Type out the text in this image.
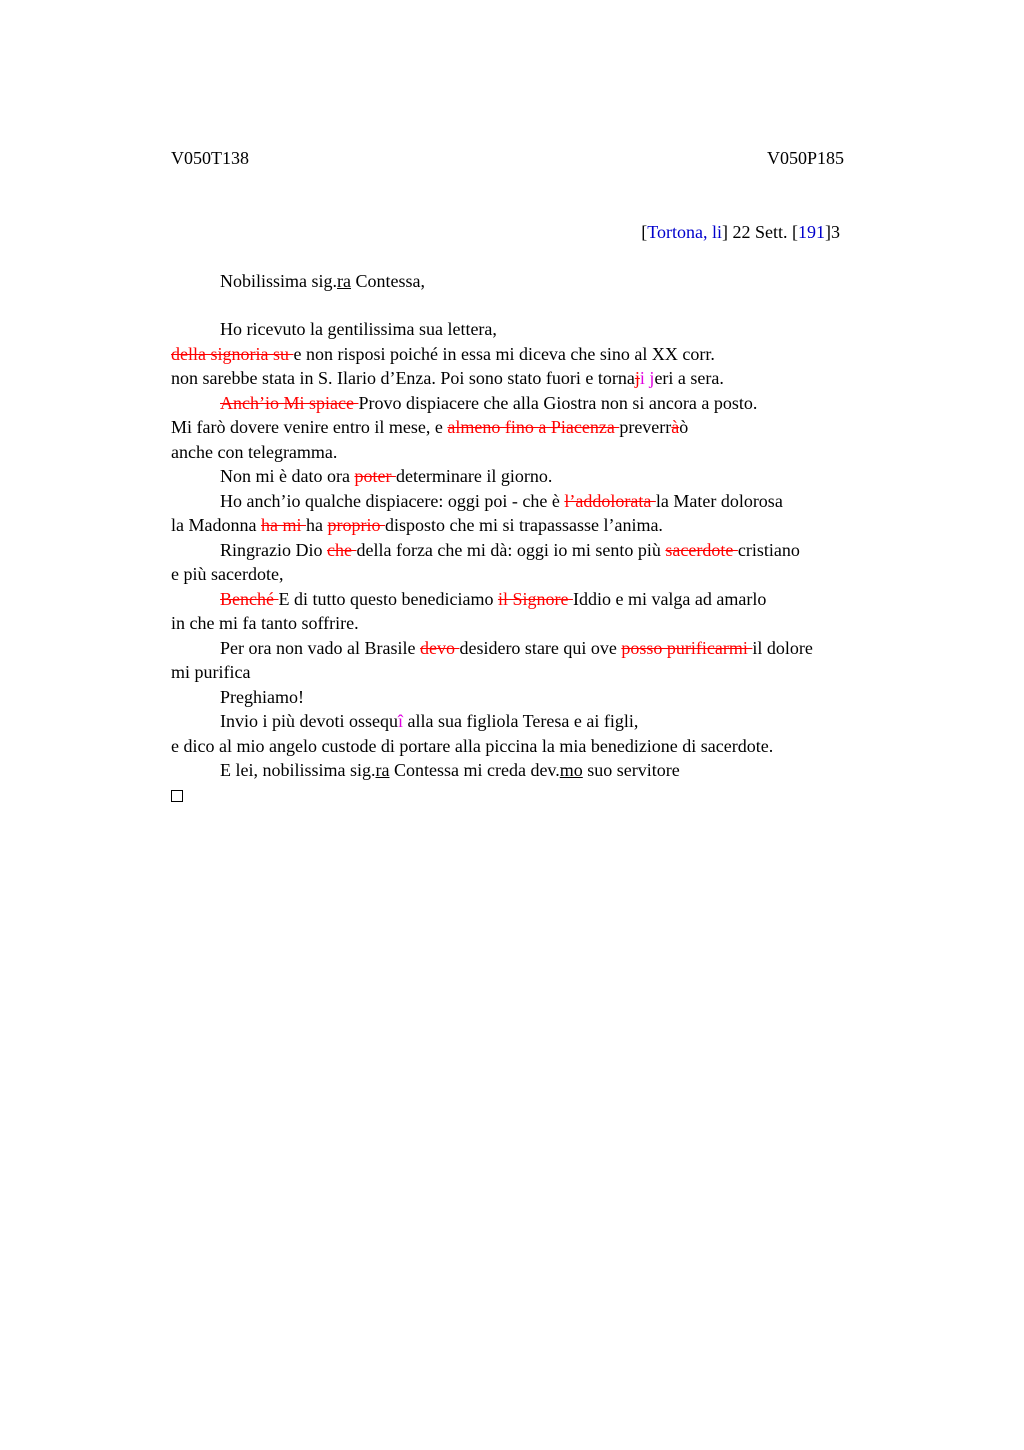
V050T138	V050P185
[Tortona, li] 22 Sett. [191]3
Nobilissima sig.ra Contessa,
Ho ricevuto la gentilissima sua lettera,
della signoria su e non risposi poiché in essa mi diceva che sino al XX corr.
non sarebbe stata in S. Ilario d’Enza. Poi sono stato fuori e tornaji jeri a sera.
Anch’io Mi spiace Provo dispiacere che alla Giostra non si ancora a posto.
Mi farò dovere venire entro il mese, e almeno fino a Piacenza preverràò
anche con telegramma.
Non mi è dato ora poter determinare il giorno.
Ho anch’io qualche dispiacere: oggi poi - che è l’addolorata la Mater dolorosa
la Madonna ha mi ha proprio disposto che mi si trapassasse l’anima.
Ringrazio Dio che della forza che mi dà: oggi io mi sento più sacerdote cristiano
e più sacerdote,
Benché E di tutto questo benediciamo il Signore Iddio e mi valga ad amarlo
in che mi fa tanto soffrire.
Per ora non vado al Brasile devo desidero stare qui ove posso purificarmi il dolore
mi purifica
Preghiamo!
Invio i più devoti ossequî alla sua figliola Teresa e ai figli,
e dico al mio angelo custode di portare alla piccina la mia benedizione di sacerdote.
E lei, nobilissima sig.ra Contessa mi creda dev.mo suo servitore
